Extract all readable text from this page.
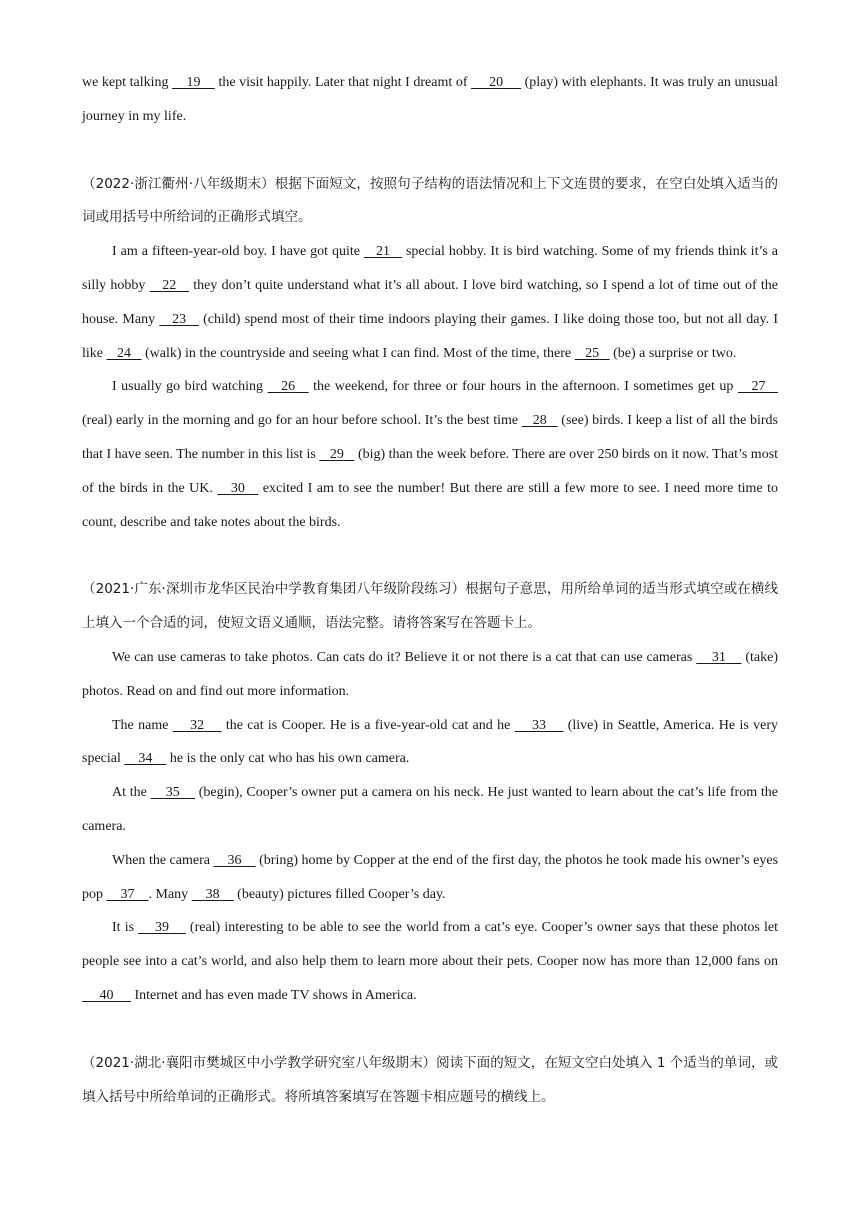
we kept talking     19     the visit happily. Later that night I dreamt of      20      (play) with elephants. It was truly an unusual journey in my life.

（2022·浙江衢州·八年级期末）根据下面短文，按照句子结构的语法情况和上下文连贯的要求，在空白处填入适当的词或用括号中所给词的正确形式填空。

I am a fifteen-year-old boy. I have got quite    21    special hobby. It is bird watching. Some of my friends think it’s a silly hobby    22    they don’t quite understand what it’s all about. I love bird watching, so I spend a lot of time out of the house. Many    23    (child) spend most of their time indoors playing their games. I like doing those too, but not all day. I like    24    (walk) in the countryside and seeing what I can find. Most of the time, there    25    (be) a surprise or two.

I usually go bird watching    26    the weekend, for three or four hours in the afternoon. I sometimes get up    27    (real) early in the morning and go for an hour before school. It’s the best time    28    (see) birds. I keep a list of all the birds that I have seen. The number in this list is    29    (big) than the week before. There are over 250 birds on it now. That’s most of the birds in the UK.    30    excited I am to see the number! But there are still a few more to see. I need more time to count, describe and take notes about the birds.

（2021·广东·深圳市龙华区民治中学教育集团八年级阶段练习）根据句子意思，用所给单词的适当形式填空或在横线上填入一个合适的词，使短文语义通顺，语法完整。请将答案写在答题卡上。

We can use cameras to take photos. Can cats do it? Believe it or not there is a cat that can use cameras     31     (take) photos. Read on and find out more information.

The name     32     the cat is Cooper. He is a five-year-old cat and he     33     (live) in Seattle, America. He is very special     34     he is the only cat who has his own camera.

At the     35     (begin), Cooper’s owner put a camera on his neck. He just wanted to learn about the cat’s life from the camera.

When the camera     36     (bring) home by Copper at the end of the first day, the photos he took made his owner’s eyes pop     37 . Many     38     (beauty) pictures filled Cooper’s day.

It is     39     (real) interesting to be able to see the world from a cat’s eye. Cooper’s owner says that these photos let people see into a cat’s world, and also help them to learn more about their pets. Cooper now has more than 12,000 fans on      40      Internet and has even made TV shows in America.

（2021·湖北·襄阳市樊城区中小学教学研究室八年级期末）阅读下面的短文，在短文空白处填入 1 个适当的单词，或填入括号中所给单词的正确形式。将所填答案填写在答题卡相应题号的横线上。
